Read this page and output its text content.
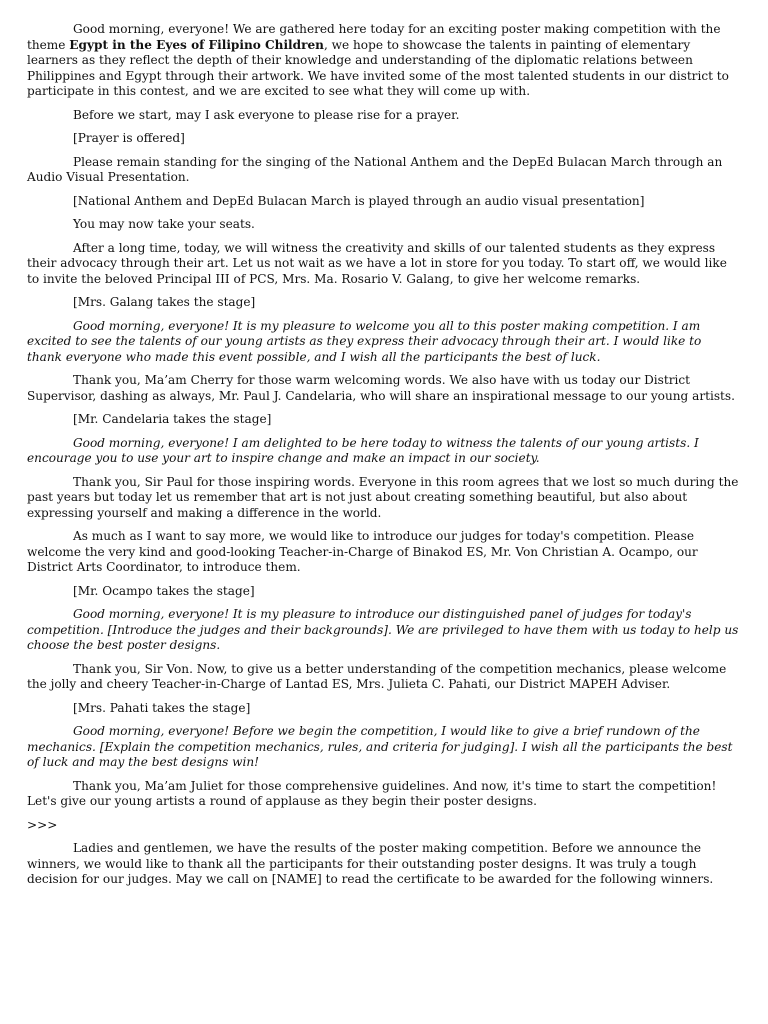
Good morning, everyone! We are gathered here today for an exciting poster making competition with the theme Egypt in the Eyes of Filipino Children, we hope to showcase the talents in painting of elementary learners as they reflect the depth of their knowledge and understanding of the diplomatic relations between Philippines and Egypt through their artwork. We have invited some of the most talented students in our district to participate in this contest, and we are excited to see what they will come up with.

Before we start, may I ask everyone to please rise for a prayer.

[Prayer is offered]

Please remain standing for the singing of the National Anthem and the DepEd Bulacan March through an Audio Visual Presentation.

[National Anthem and DepEd Bulacan March is played through an audio visual presentation]

You may now take your seats.

After a long time, today, we will witness the creativity and skills of our talented students as they express their advocacy through their art. Let us not wait as we have a lot in store for you today. To start off, we would like to invite the beloved Principal III of PCS, Mrs. Ma. Rosario V. Galang, to give her welcome remarks.

[Mrs. Galang takes the stage]

Good morning, everyone! It is my pleasure to welcome you all to this poster making competition. I am excited to see the talents of our young artists as they express their advocacy through their art. I would like to thank everyone who made this event possible, and I wish all the participants the best of luck.

Thank you, Ma’am Cherry for those warm welcoming words. We also have with us today our District Supervisor, dashing as always, Mr. Paul J. Candelaria, who will share an inspirational message to our young artists.

[Mr. Candelaria takes the stage]

Good morning, everyone! I am delighted to be here today to witness the talents of our young artists. I encourage you to use your art to inspire change and make an impact in our society.

Thank you, Sir Paul for those inspiring words. Everyone in this room agrees that we lost so much during the past years but today let us remember that art is not just about creating something beautiful, but also about expressing yourself and making a difference in the world.

As much as I want to say more, we would like to introduce our judges for today's competition. Please welcome the very kind and good-looking Teacher-in-Charge of Binakod ES, Mr. Von Christian A. Ocampo, our District Arts Coordinator, to introduce them.

[Mr. Ocampo takes the stage]

Good morning, everyone! It is my pleasure to introduce our distinguished panel of judges for today's competition. [Introduce the judges and their backgrounds]. We are privileged to have them with us today to help us choose the best poster designs.

Thank you, Sir Von. Now, to give us a better understanding of the competition mechanics, please welcome the jolly and cheery Teacher-in-Charge of Lantad ES, Mrs. Julieta C. Pahati, our District MAPEH Adviser.

[Mrs. Pahati takes the stage]

Good morning, everyone! Before we begin the competition, I would like to give a brief rundown of the mechanics. [Explain the competition mechanics, rules, and criteria for judging]. I wish all the participants the best of luck and may the best designs win!

Thank you, Ma’am Juliet for those comprehensive guidelines. And now, it's time to start the competition! Let's give our young artists a round of applause as they begin their poster designs.

>>>

Ladies and gentlemen, we have the results of the poster making competition. Before we announce the winners, we would like to thank all the participants for their outstanding poster designs. It was truly a tough decision for our judges. May we call on [NAME] to read the certificate to be awarded for the following winners.
